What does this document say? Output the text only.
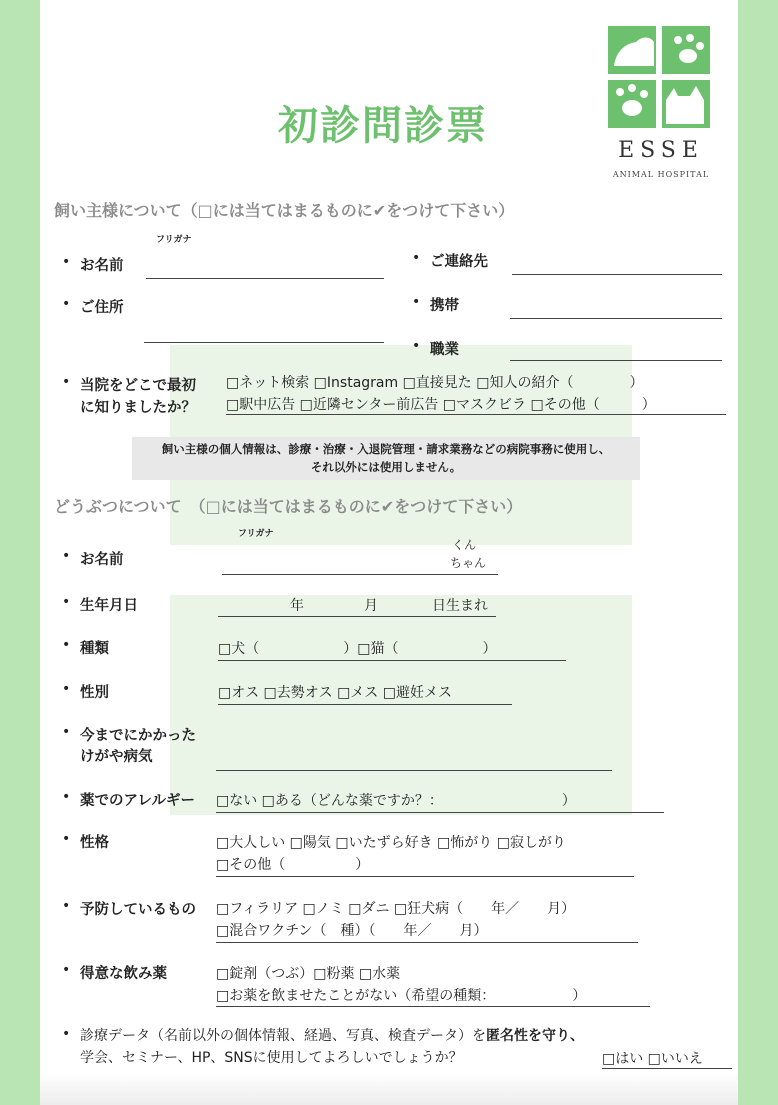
初診問診票
ESSE
ANIMAL HOSPITAL
飼い主様について（□には当てはまるものに✔をつけて下さい）
フリガナ
• お名前	• ご連絡先
• ご住所	• 携帯
• 職業
• 当院をどこで最初
に知りましたか？
□ネット検索 □Instagram □直接見た □知人の紹介（　　　　）
□駅中広告 □近隣センター前広告 □マスクビラ □その他（　　　）
飼い主様の個人情報は、診療・治療・入退院管理・請求業務などの病院事務に使用し、
それ以外には使用しません。
どうぶつについて　（□には当てはまるものに✔をつけて下さい）
フリガナ
くん
ちゃん
• お名前
• 生年月日	年	月	日生まれ
• 種類	□犬（　　　　　　）□猫（　　　　　　）
• 性別	□オス □去勢オス □メス □避妊メス
• 今までにかかった
けがや病気
• 薬でのアレルギー □ない □ある（どんな薬ですか？：　　　　　　　　　）
• 性格	□大人しい □陽気 □いたずら好き □怖がり □寂しがり
□その他（　　　　　）
• 予防しているもの □フィラリア □ノミ □ダニ □狂犬病（　　年／　　月）
□混合ワクチン（　種）（　　年／　　月）
• 得意な飲み薬	□錠剤（つぶ）□粉薬 □水薬
□お薬を飲ませたことがない（希望の種類：　　　　　　）
• 診療データ（名前以外の個体情報、経過、写真、検査データ）を匿名性を守り、
学会、セミナー、HP、SNSに使用してよろしいでしょうか？	□はい □いいえ
